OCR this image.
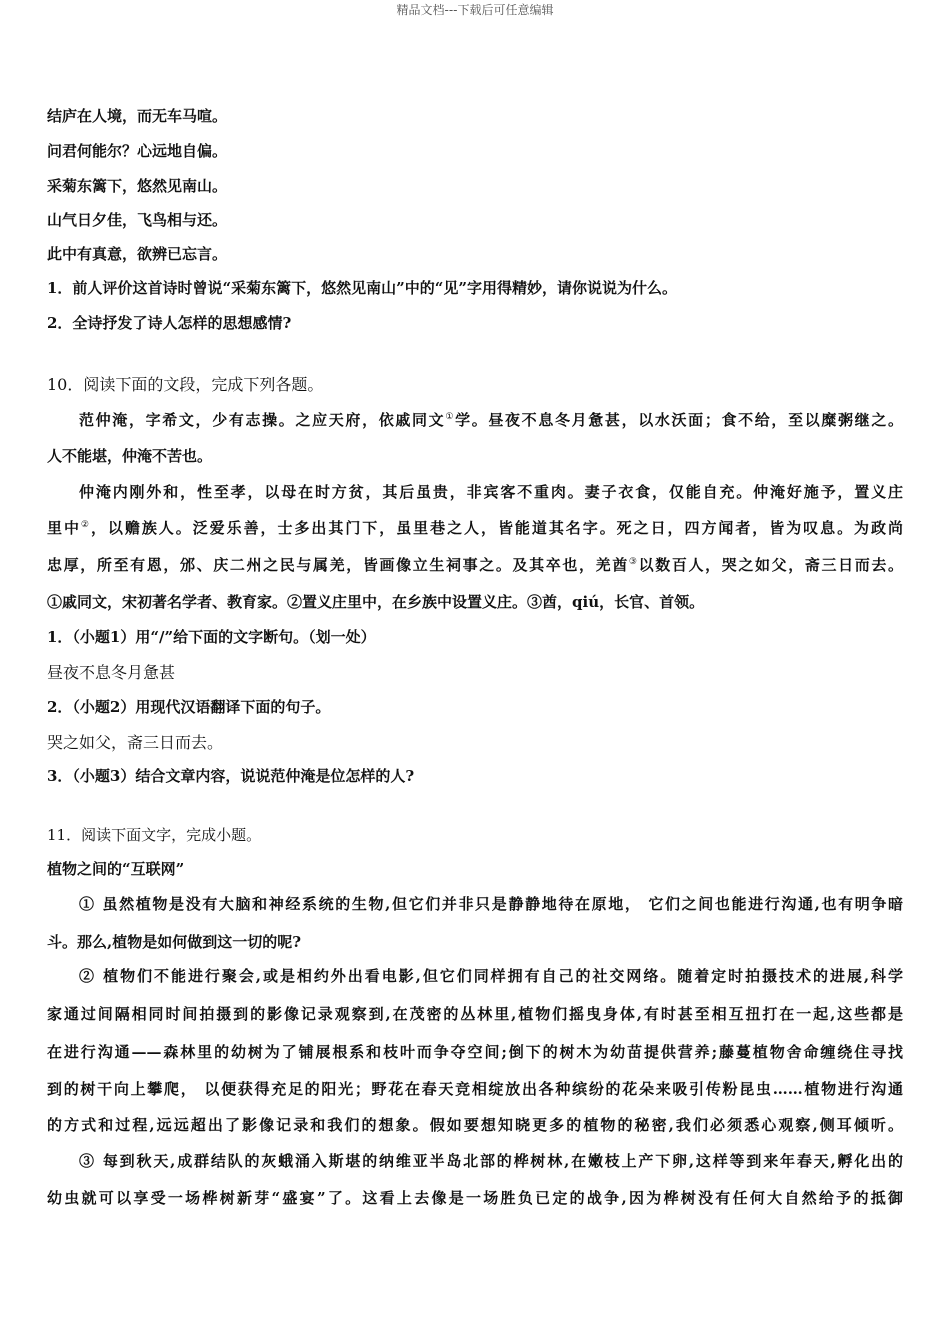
精品文档---下载后可任意编辑
结庐在人境，而无车马喧。
问君何能尔？心远地自偏。
采菊东篱下，悠然见南山。
山气日夕佳，飞鸟相与还。
此中有真意，欲辨已忘言。
1．前人评价这首诗时曾说“采菊东篱下，悠然见南山”中的“见”字用得精妙，请你说说为什么。
2．全诗抒发了诗人怎样的思想感情?
10．阅读下面的文段，完成下列各题。
范仲淹，字希文，少有志操。之应天府，依戚同文①学。昼夜不息冬月惫甚，以水沃面；食不给，至以糜粥继之。
人不能堪，仲淹不苦也。
仲淹内刚外和，性至孝，以母在时方贫，其后虽贵，非宾客不重肉。妻子衣食，仅能自充。仲淹好施予，置义庄
里中②，以赡族人。泛爱乐善，士多出其门下，虽里巷之人，皆能道其名字。死之日，四方闻者，皆为叹息。为政尚
忠厚，所至有恩，邠、庆二州之民与属羌，皆画像立生祠事之。及其卒也，羌酋③以数百人，哭之如父，斋三日而去。
①戚同文，宋初著名学者、教育家。②置义庄里中，在乡族中设置义庄。③酋，qiú，长官、首领。
1．（小题1）用“/”给下面的文字断句。（划一处）
昼夜不息冬月惫甚
2．（小题2）用现代汉语翻译下面的句子。
哭之如父，斋三日而去。
3．（小题3）结合文章内容，说说范仲淹是位怎样的人?
11．阅读下面文字，完成小题。
植物之间的“互联网”
① 虽然植物是没有大脑和神经系统的生物,但它们并非只是静静地待在原地， 它们之间也能进行沟通,也有明争暗
斗。那么,植物是如何做到这一切的呢?
② 植物们不能进行聚会,或是相约外出看电影,但它们同样拥有自己的社交网络。随着定时拍摄技术的进展,科学
家通过间隔相同时间拍摄到的影像记录观察到,在茂密的丛林里,植物们摇曳身体,有时甚至相互扭打在一起,这些都是
在进行沟通——森林里的幼树为了铺展根系和枝叶而争夺空间;倒下的树木为幼苗提供营养;藤蔓植物舍命缠绕住寻找
到的树干向上攀爬， 以便获得充足的阳光；野花在春天竞相绽放出各种缤纷的花朵来吸引传粉昆虫……植物进行沟通
的方式和过程,远远超出了影像记录和我们的想象。假如要想知晓更多的植物的秘密,我们必须悉心观察,侧耳倾听。
③ 每到秋天,成群结队的灰蛾涌入斯堪的纳维亚半岛北部的桦树林,在嫩枝上产下卵,这样等到来年春天,孵化出的
幼虫就可以享受一场桦树新芽“盛宴”了。这看上去像是一场胜负已定的战争,因为桦树没有任何大自然给予的抵御
